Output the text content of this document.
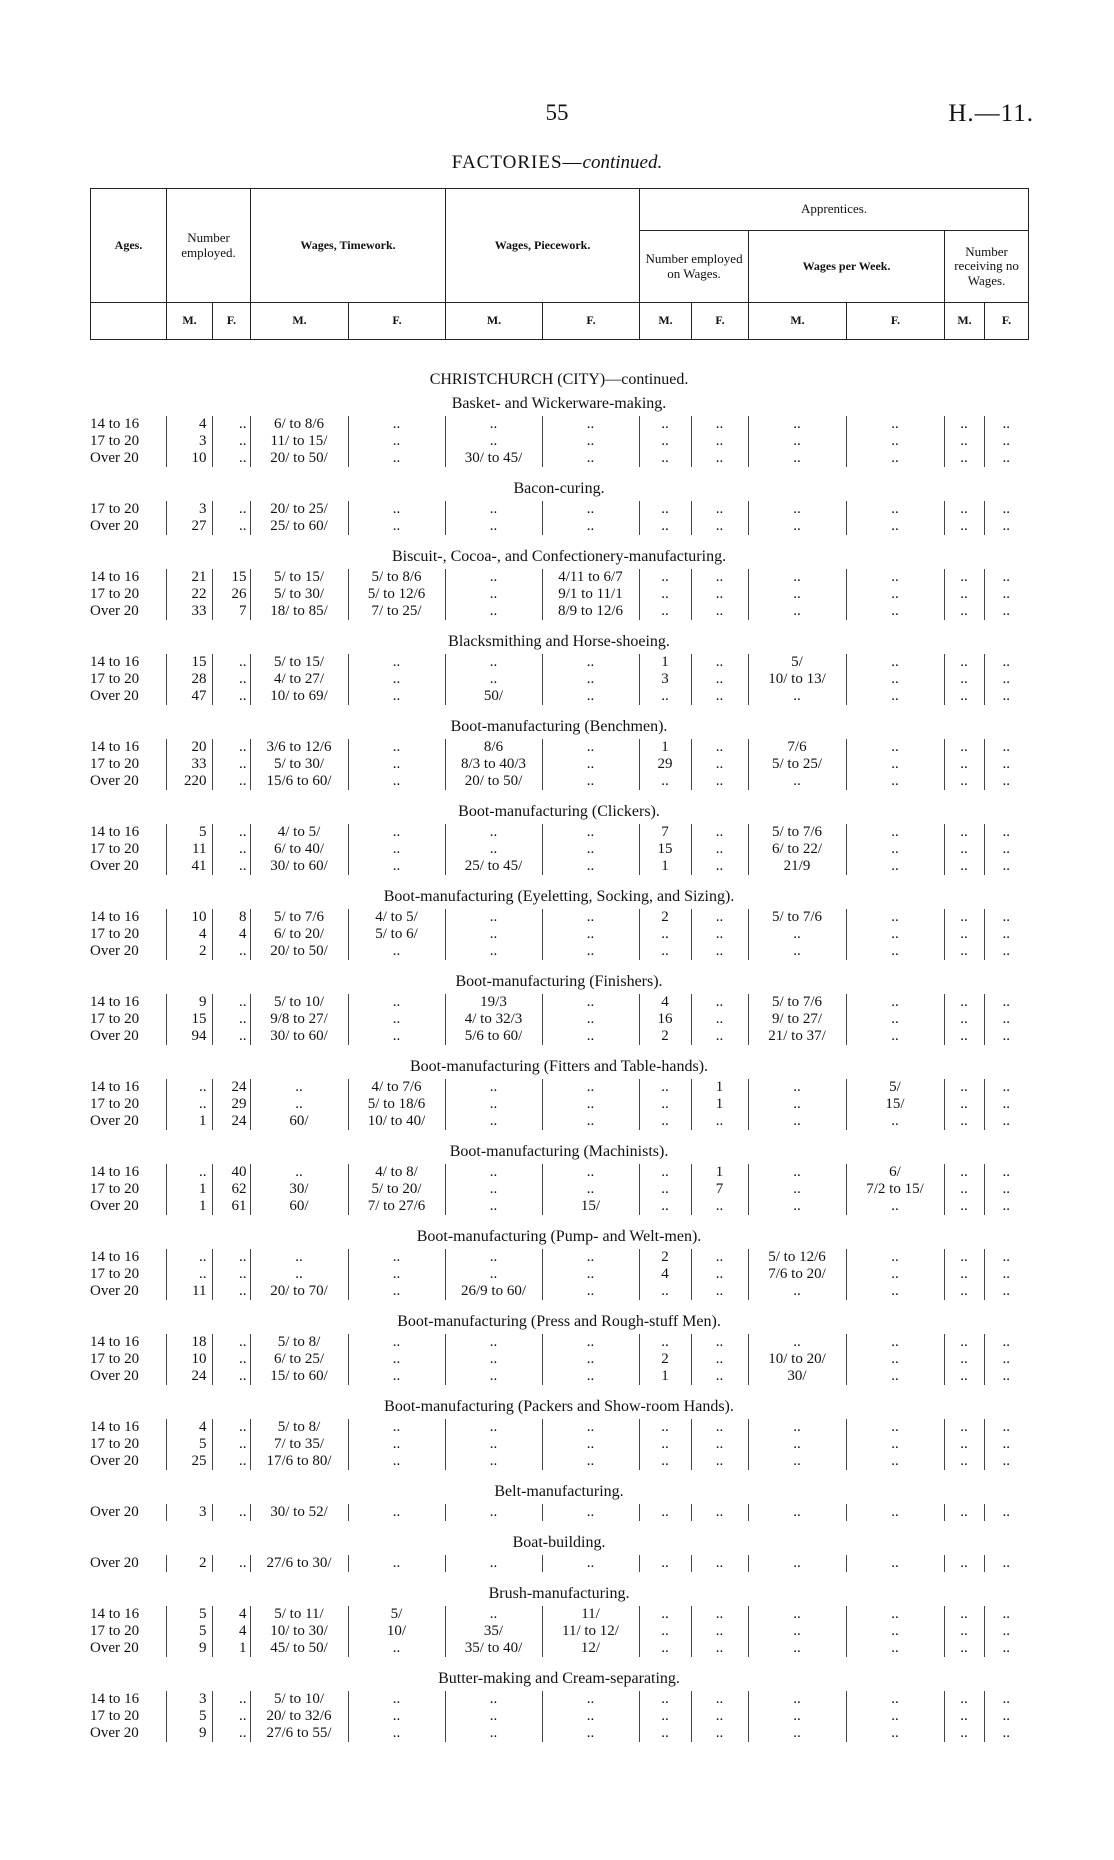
55	H.—11.
FACTORIES—continued.
Ages.	Number employed.		Wages, Timework.		Wages, Piecework.		Apprentices.					
							Number employed on Wages.		Wages per Week.		Number receiving no Wages.	
	M.	F.	M.	F.	M.	F.	M.	F.	M.	F.	M.	F.
CHRISTCHURCH (CITY)—continued.												
Basket- and Wickerware-making.												
14 to 16	4	..	6/ to 8/6	..	..	..	..	..	..	..	..	..
17 to 20	3	..	11/ to 15/	..	..	..	..	..	..	..	..	..
Over 20	10	..	20/ to 50/	..	30/ to 45/	..	..	..	..	..	..	..

Bacon-curing.												
17 to 20	3	..	20/ to 25/	..	..	..	..	..	..	..	..	..
Over 20	27	..	25/ to 60/	..	..	..	..	..	..	..	..	..

Biscuit-, Cocoa-, and Confectionery-manufacturing.												
14 to 16	21	15	5/ to 15/	5/ to 8/6	..	4/11 to 6/7	..	..	..	..	..	..
17 to 20	22	26	5/ to 30/	5/ to 12/6	..	9/1 to 11/1	..	..	..	..	..	..
Over 20	33	7	18/ to 85/	7/ to 25/	..	8/9 to 12/6	..	..	..	..	..	..

Blacksmithing and Horse-shoeing.												
14 to 16	15	..	5/ to 15/	..	..	..	1	..	5/	..	..	..
17 to 20	28	..	4/ to 27/	..	..	..	3	..	10/ to 13/	..	..	..
Over 20	47	..	10/ to 69/	..	50/	..	..	..	..	..	..	..

Boot-manufacturing (Benchmen).												
14 to 16	20	..	3/6 to 12/6	..	8/6	..	1	..	7/6	..	..	..
17 to 20	33	..	5/ to 30/	..	8/3 to 40/3	..	29	..	5/ to 25/	..	..	..
Over 20	220	..	15/6 to 60/	..	20/ to 50/	..	..	..	..	..	..	..

Boot-manufacturing (Clickers).												
14 to 16	5	..	4/ to 5/	..	..	..	7	..	5/ to 7/6	..	..	..
17 to 20	11	..	6/ to 40/	..	..	..	15	..	6/ to 22/	..	..	..
Over 20	41	..	30/ to 60/	..	25/ to 45/	..	1	..	21/9	..	..	..

Boot-manufacturing (Eyeletting, Socking, and Sizing).												
14 to 16	10	8	5/ to 7/6	4/ to 5/	..	..	2	..	5/ to 7/6	..	..	..
17 to 20	4	4	6/ to 20/	5/ to 6/	..	..	..	..	..	..	..	..
Over 20	2	..	20/ to 50/	..	..	..	..	..	..	..	..	..

Boot-manufacturing (Finishers).												
14 to 16	9	..	5/ to 10/	..	19/3	..	4	..	5/ to 7/6	..	..	..
17 to 20	15	..	9/8 to 27/	..	4/ to 32/3	..	16	..	9/ to 27/	..	..	..
Over 20	94	..	30/ to 60/	..	5/6 to 60/	..	2	..	21/ to 37/	..	..	..

Boot-manufacturing (Fitters and Table-hands).												
14 to 16	..	24	..	4/ to 7/6	..	..	..	1	..	5/	..	..
17 to 20	..	29	..	5/ to 18/6	..	..	..	1	..	15/	..	..
Over 20	1	24	60/	10/ to 40/	..	..	..	..	..	..	..	..

Boot-manufacturing (Machinists).												
14 to 16	..	40	..	4/ to 8/	..	..	..	1	..	6/	..	..
17 to 20	1	62	30/	5/ to 20/	..	..	..	7	..	7/2 to 15/	..	..
Over 20	1	61	60/	7/ to 27/6	..	15/	..	..	..	..	..	..

Boot-manufacturing (Pump- and Welt-men).												
14 to 16	..	..	..	..	..	..	2	..	5/ to 12/6	..	..	..
17 to 20	..	..	..	..	..	..	4	..	7/6 to 20/	..	..	..
Over 20	11	..	20/ to 70/	..	26/9 to 60/	..	..	..	..	..	..	..

Boot-manufacturing (Press and Rough-stuff Men).												
14 to 16	18	..	5/ to 8/	..	..	..	..	..	..	..	..	..
17 to 20	10	..	6/ to 25/	..	..	..	2	..	10/ to 20/	..	..	..
Over 20	24	..	15/ to 60/	..	..	..	1	..	30/	..	..	..

Boot-manufacturing (Packers and Show-room Hands).												
14 to 16	4	..	5/ to 8/	..	..	..	..	..	..	..	..	..
17 to 20	5	..	7/ to 35/	..	..	..	..	..	..	..	..	..
Over 20	25	..	17/6 to 80/	..	..	..	..	..	..	..	..	..

Belt-manufacturing.												
Over 20	3	..	30/ to 52/	..	..	..	..	..	..	..	..	..

Boat-building.												
Over 20	2	..	27/6 to 30/	..	..	..	..	..	..	..	..	..

Brush-manufacturing.												
14 to 16	5	4	5/ to 11/	5/	..	11/	..	..	..	..	..	..
17 to 20	5	4	10/ to 30/	10/	35/	11/ to 12/	..	..	..	..	..	..
Over 20	9	1	45/ to 50/	..	35/ to 40/	12/	..	..	..	..	..	..

Butter-making and Cream-separating.												
14 to 16	3	..	5/ to 10/	..	..	..	..	..	..	..	..	..
17 to 20	5	..	20/ to 32/6	..	..	..	..	..	..	..	..	..
Over 20	9	..	27/6 to 55/	..	..	..	..	..	..	..	..	..
